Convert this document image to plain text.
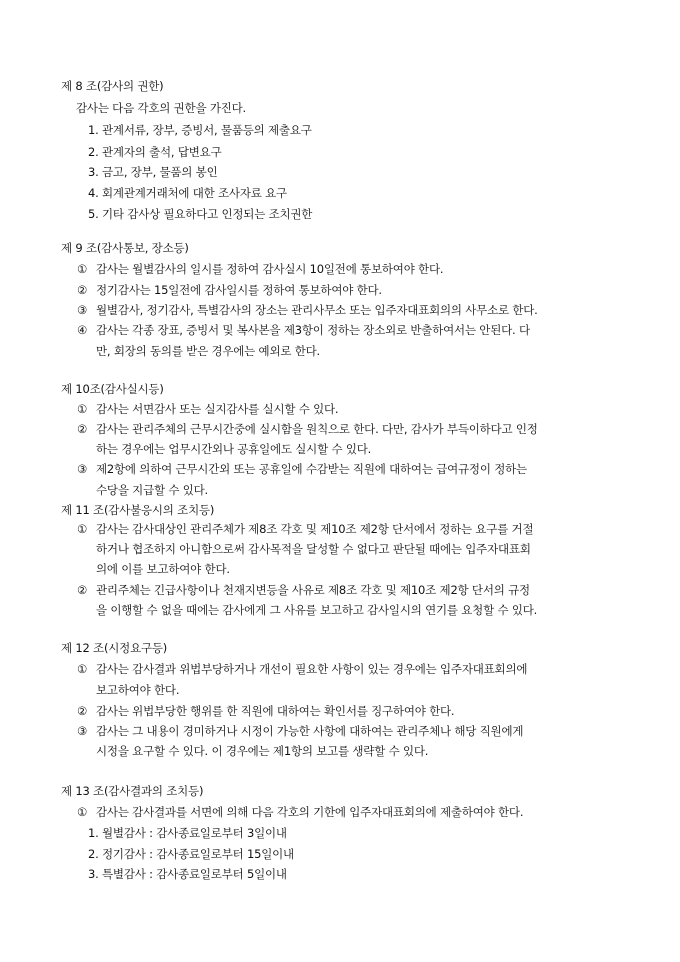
제 8 조(감사의 권한)
감사는 다음 각호의 권한을 가진다.
1. 관계서류, 장부, 증빙서, 물품등의 제출요구
2. 관계자의 출석, 답변요구
3. 금고, 장부, 물품의 봉인
4. 회계관계거래처에 대한 조사자료 요구
5. 기타 감사상 필요하다고 인정되는 조치권한
제 9 조(감사통보, 장소등)
① 감사는 월별감사의 일시를 정하여 감사실시 10일전에 통보하여야 한다.
② 정기감사는 15일전에 감사일시를 정하여 통보하여야 한다.
③ 월별감사, 정기감사, 특별감사의 장소는 관리사무소 또는 입주자대표회의의 사무소로 한다.
④ 감사는 각종 장표, 증빙서 및 복사본을 제3항이 정하는 장소외로 반출하여서는 안된다. 다
만, 회장의 동의를 받은 경우에는 예외로 한다.
제 10조(감사실시등)
① 감사는 서면감사 또는 실지감사를 실시할 수 있다.
② 감사는 관리주체의 근무시간중에 실시함을 원칙으로 한다. 다만, 감사가 부득이하다고 인정
하는 경우에는 업무시간외나 공휴일에도 실시할 수 있다.
③ 제2항에 의하여 근무시간외 또는 공휴일에 수감받는 직원에 대하여는 급여규정이 정하는
수당을 지급할 수 있다.
제 11 조(감사불응시의 조치등)
① 감사는 감사대상인 관리주체가 제8조 각호 및 제10조 제2항 단서에서 정하는 요구를 거절
하거나 협조하지 아니함으로써 감사목적을 달성할 수 없다고 판단될 때에는 입주자대표회
의에 이를 보고하여야 한다.
② 관리주체는 긴급사항이나 천재지변등을 사유로 제8조 각호 및 제10조 제2항 단서의 규정
을 이행할 수 없을 때에는 감사에게 그 사유를 보고하고 감사일시의 연기를 요청할 수 있다.
제 12 조(시정요구등)
① 감사는 감사결과 위법부당하거나 개선이 필요한 사항이 있는 경우에는 입주자대표회의에
보고하여야 한다.
② 감사는 위법부당한 행위를 한 직원에 대하여는 확인서를 징구하여야 한다.
③ 감사는 그 내용이 경미하거나 시정이 가능한 사항에 대하여는 관리주체나 해당 직원에게
시정을 요구할 수 있다. 이 경우에는 제1항의 보고를 생략할 수 있다.
제 13 조(감사결과의 조치등)
① 감사는 감사결과를 서면에 의해 다음 각호의 기한에 입주자대표회의에 제출하여야 한다.
1. 월별감사 : 감사종료일로부터 3일이내
2. 정기감사 : 감사종료일로부터 15일이내
3. 특별감사 : 감사종료일로부터 5일이내
